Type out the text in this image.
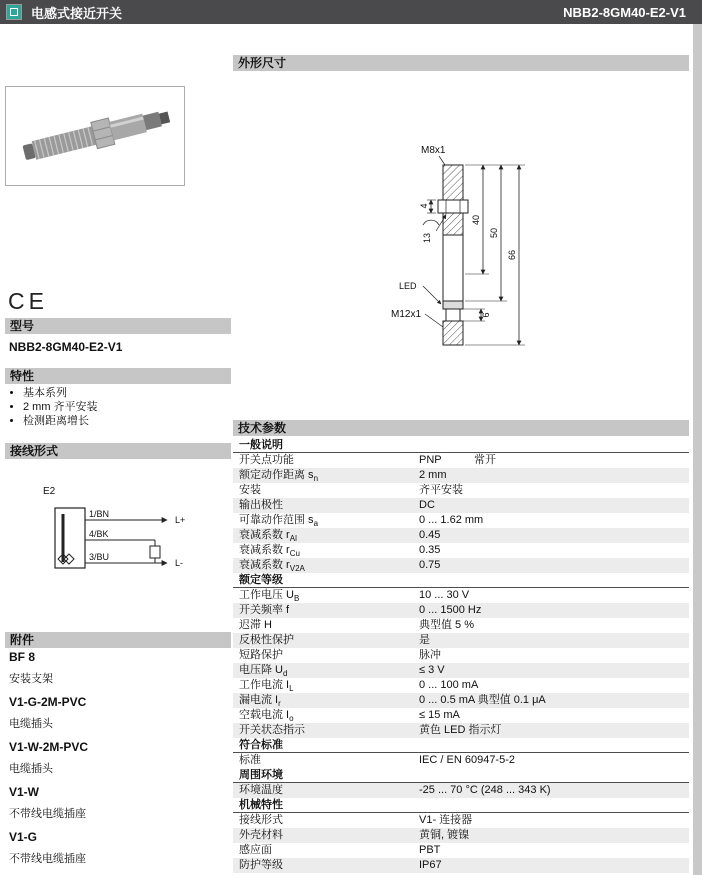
电感式接近开关	NBB2-8GM40-E2-V1
CE
型号
NBB2-8GM40-E2-V1
特性
• 基本系列
• 2 mm 齐平安装
• 检测距离增长
接线形式
E2
1/BN
L+
4/BK
3/BU
L-
附件
BF 8
安装支架
V1-G-2M-PVC
电缆插头
V1-W-2M-PVC
电缆插头
V1-W
不带线电缆插座
V1-G
不带线电缆插座
外形尺寸
M8x1
40
50
66
4
6
13
LED
M12x1
技术参数
一般说明
开关点功能	PNP	常开
额定动作距离 $s_n$	2 mm
安装	齐平安装
输出极性	DC
可靠动作范围 $s_a$	0 ... 1.62 mm
衰减系数 $r_{Al}$	0.45
衰减系数 $r_{Cu}$	0.35
衰减系数 $r_{V2A}$	0.75
额定等级
工作电压 $U_B$	10 ... 30 V
开关频率 f	0 ... 1500 Hz
迟滞 H	典型值 5 %
反极性保护	是
短路保护	脉冲
电压降 $U_d$	≤ 3 V
工作电流 $I_L$	0 ... 100 mA
漏电流 $I_r$	0 ... 0.5 mA 典型值 0.1 μA
空载电流 $I_o$	≤ 15 mA
开关状态指示	黄色 LED 指示灯
符合标准
标准	IEC / EN 60947-5-2
周围环境
环境温度	-25 ... 70 °C (248 ... 343 K)
机械特性
接线形式	V1- 连接器
外壳材料	黄铜, 镀镍
感应面	PBT
防护等级	IP67
